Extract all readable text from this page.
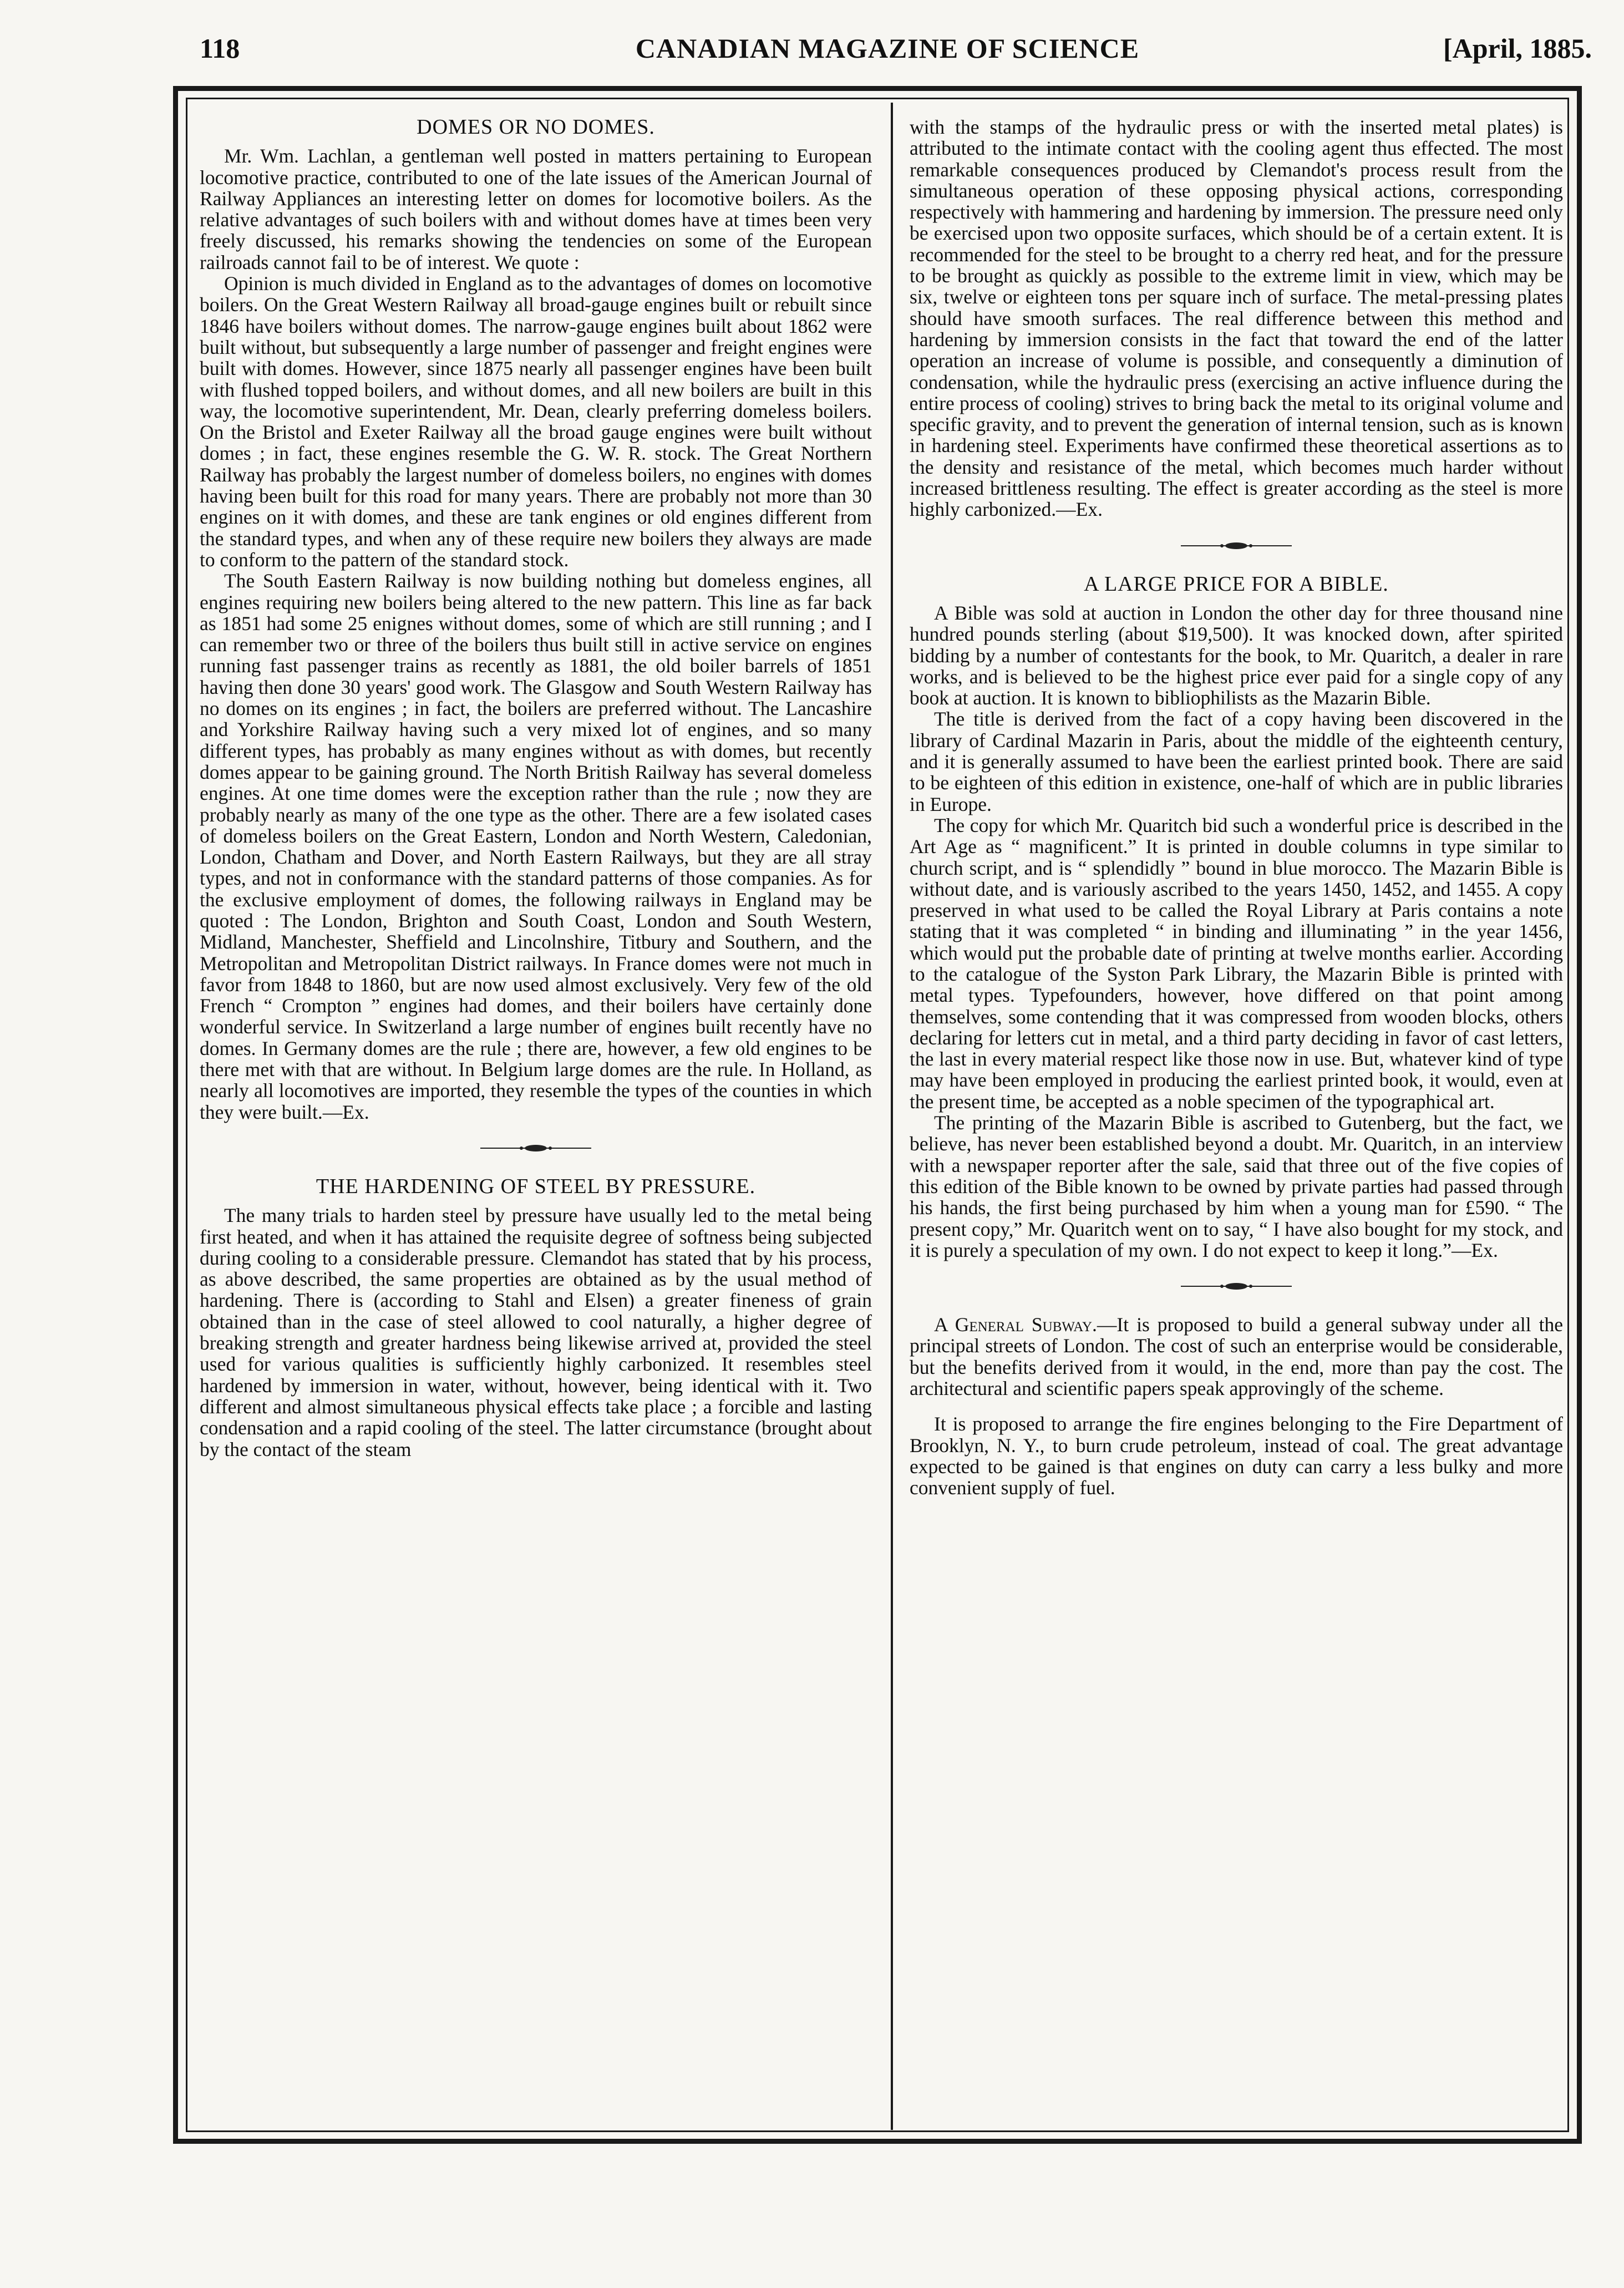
118	CANADIAN MAGAZINE OF SCIENCE	[April, 1885.
DOMES OR NO DOMES.

Mr. Wm. Lachlan, a gentleman well posted in matters pertaining to European locomotive practice, contributed to one of the late issues of the American Journal of Railway Appliances an interesting letter on domes for locomotive boilers. As the relative advantages of such boilers with and without domes have at times been very freely discussed, his remarks showing the tendencies on some of the European railroads cannot fail to be of interest. We quote :

Opinion is much divided in England as to the advantages of domes on locomotive boilers. On the Great Western Railway all broad-gauge engines built or rebuilt since 1846 have boilers without domes. The narrow-gauge engines built about 1862 were built without, but subsequently a large number of passenger and freight engines were built with domes. However, since 1875 nearly all passenger engines have been built with flushed topped boilers, and without domes, and all new boilers are built in this way, the locomotive superintendent, Mr. Dean, clearly preferring domeless boilers. On the Bristol and Exeter Railway all the broad gauge engines were built without domes ; in fact, these engines resemble the G. W. R. stock. The Great Northern Railway has probably the largest number of domeless boilers, no engines with domes having been built for this road for many years. There are probably not more than 30 engines on it with domes, and these are tank engines or old engines different from the standard types, and when any of these require new boilers they always are made to conform to the pattern of the standard stock.

The South Eastern Railway is now building nothing but domeless engines, all engines requiring new boilers being altered to the new pattern. This line as far back as 1851 had some 25 enignes without domes, some of which are still running ; and I can remember two or three of the boilers thus built still in active service on engines running fast passenger trains as recently as 1881, the old boiler barrels of 1851 having then done 30 years' good work. The Glasgow and South Western Railway has no domes on its engines ; in fact, the boilers are preferred without. The Lancashire and Yorkshire Railway having such a very mixed lot of engines, and so many different types, has probably as many engines without as with domes, but recently domes appear to be gaining ground. The North British Railway has several domeless engines. At one time domes were the exception rather than the rule ; now they are probably nearly as many of the one type as the other. There are a few isolated cases of domeless boilers on the Great Eastern, London and North Western, Caledonian, London, Chatham and Dover, and North Eastern Railways, but they are all stray types, and not in conformance with the standard patterns of those companies. As for the exclusive employment of domes, the following railways in England may be quoted : The London, Brighton and South Coast, London and South Western, Midland, Manchester, Sheffield and Lincolnshire, Titbury and Southern, and the Metropolitan and Metropolitan District railways. In France domes were not much in favor from 1848 to 1860, but are now used almost exclusively. Very few of the old French “ Crompton ” engines had domes, and their boilers have certainly done wonderful service. In Switzerland a large number of engines built recently have no domes. In Germany domes are the rule ; there are, however, a few old engines to be there met with that are without. In Belgium large domes are the rule. In Holland, as nearly all locomotives are imported, they resemble the types of the counties in which they were built.—Ex.

THE HARDENING OF STEEL BY PRESSURE.

The many trials to harden steel by pressure have usually led to the metal being first heated, and when it has attained the requisite degree of softness being subjected during cooling to a considerable pressure. Clemandot has stated that by his process, as above described, the same properties are obtained as by the usual method of hardening. There is (according to Stahl and Elsen) a greater fineness of grain obtained than in the case of steel allowed to cool naturally, a higher degree of breaking strength and greater hardness being likewise arrived at, provided the steel used for various qualities is sufficiently highly carbonized. It resembles steel hardened by immersion in water, without, however, being identical with it. Two different and almost simultaneous physical effects take place ; a forcible and lasting condensation and a rapid cooling of the steel. The latter circumstance (brought about by the contact of the steam

with the stamps of the hydraulic press or with the inserted metal plates) is attributed to the intimate contact with the cooling agent thus effected. The most remarkable consequences produced by Clemandot's process result from the simultaneous operation of these opposing physical actions, corresponding respectively with hammering and hardening by immersion. The pressure need only be exercised upon two opposite surfaces, which should be of a certain extent. It is recommended for the steel to be brought to a cherry red heat, and for the pressure to be brought as quickly as possible to the extreme limit in view, which may be six, twelve or eighteen tons per square inch of surface. The metal-pressing plates should have smooth surfaces. The real difference between this method and hardening by immersion consists in the fact that toward the end of the latter operation an increase of volume is possible, and consequently a diminution of condensation, while the hydraulic press (exercising an active influence during the entire process of cooling) strives to bring back the metal to its original volume and specific gravity, and to prevent the generation of internal tension, such as is known in hardening steel. Experiments have confirmed these theoretical assertions as to the density and resistance of the metal, which becomes much harder without increased brittleness resulting. The effect is greater according as the steel is more highly carbonized.—Ex.

A LARGE PRICE FOR A BIBLE.

A Bible was sold at auction in London the other day for three thousand nine hundred pounds sterling (about $19,500). It was knocked down, after spirited bidding by a number of contestants for the book, to Mr. Quaritch, a dealer in rare works, and is believed to be the highest price ever paid for a single copy of any book at auction. It is known to bibliophilists as the Mazarin Bible.

The title is derived from the fact of a copy having been discovered in the library of Cardinal Mazarin in Paris, about the middle of the eighteenth century, and it is generally assumed to have been the earliest printed book. There are said to be eighteen of this edition in existence, one-half of which are in public libraries in Europe.

The copy for which Mr. Quaritch bid such a wonderful price is described in the Art Age as “ magnificent.” It is printed in double columns in type similar to church script, and is “ splendidly ” bound in blue morocco. The Mazarin Bible is without date, and is variously ascribed to the years 1450, 1452, and 1455. A copy preserved in what used to be called the Royal Library at Paris contains a note stating that it was completed “ in binding and illuminating ” in the year 1456, which would put the probable date of printing at twelve months earlier. According to the catalogue of the Syston Park Library, the Mazarin Bible is printed with metal types. Typefounders, however, hove differed on that point among themselves, some contending that it was compressed from wooden blocks, others declaring for letters cut in metal, and a third party deciding in favor of cast letters, the last in every material respect like those now in use. But, whatever kind of type may have been employed in producing the earliest printed book, it would, even at the present time, be accepted as a noble specimen of the typographical art.

The printing of the Mazarin Bible is ascribed to Gutenberg, but the fact, we believe, has never been established beyond a doubt. Mr. Quaritch, in an interview with a newspaper reporter after the sale, said that three out of the five copies of this edition of the Bible known to be owned by private parties had passed through his hands, the first being purchased by him when a young man for £590. “ The present copy,” Mr. Quaritch went on to say, “ I have also bought for my stock, and it is purely a speculation of my own. I do not expect to keep it long.”—Ex.

A General Subway.—It is proposed to build a general subway under all the principal streets of London. The cost of such an enterprise would be considerable, but the benefits derived from it would, in the end, more than pay the cost. The architectural and scientific papers speak approvingly of the scheme.

It is proposed to arrange the fire engines belonging to the Fire Department of Brooklyn, N. Y., to burn crude petroleum, instead of coal. The great advantage expected to be gained is that engines on duty can carry a less bulky and more convenient supply of fuel.
